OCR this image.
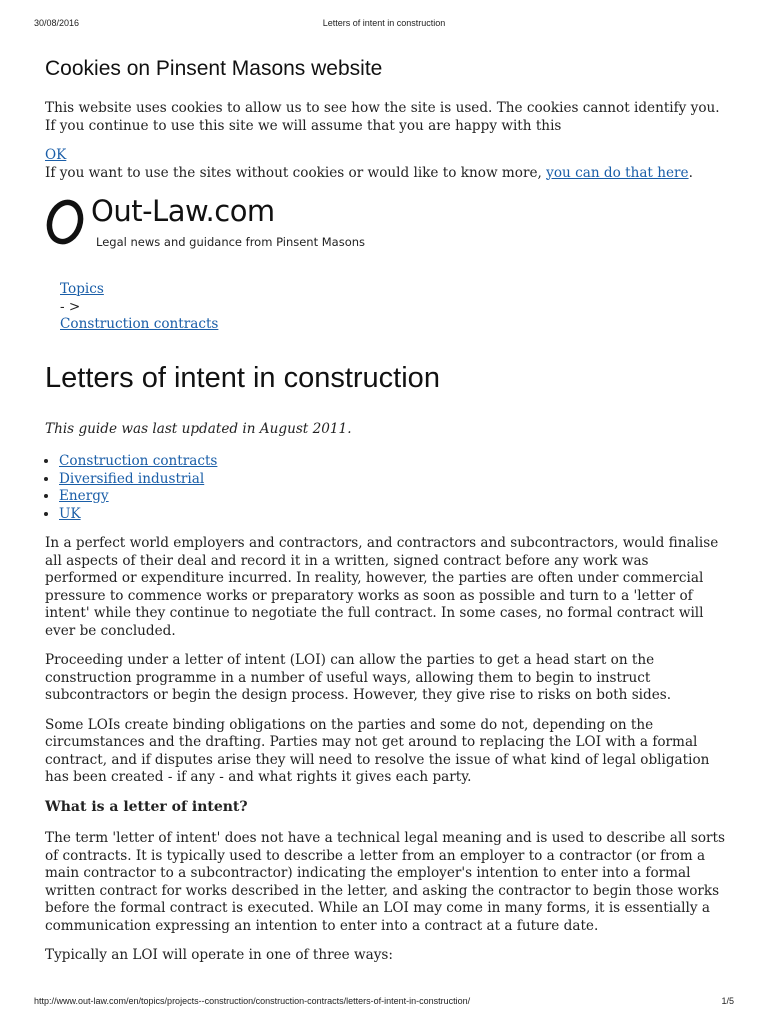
30/08/2016	Letters of intent in construction
Cookies on Pinsent Masons website

This website uses cookies to allow us to see how the site is used. The cookies cannot identify you. If you continue to use this site we will assume that you are happy with this

OK

If you want to use the sites without cookies or would like to know more, you can do that here.

Out-Law.com
Legal news and guidance from Pinsent Masons
Topics
- >
Construction contracts
Letters of intent in construction

This guide was last updated in August 2011.

• Construction contracts
• Diversified industrial
• Energy
• UK

In a perfect world employers and contractors, and contractors and subcontractors, would finalise all aspects of their deal and record it in a written, signed contract before any work was performed or expenditure incurred. In reality, however, the parties are often under commercial pressure to commence works or preparatory works as soon as possible and turn to a 'letter of intent' while they continue to negotiate the full contract. In some cases, no formal contract will ever be concluded.

Proceeding under a letter of intent (LOI) can allow the parties to get a head start on the construction programme in a number of useful ways, allowing them to begin to instruct subcontractors or begin the design process. However, they give rise to risks on both sides.

Some LOIs create binding obligations on the parties and some do not, depending on the circumstances and the drafting. Parties may not get around to replacing the LOI with a formal contract, and if disputes arise they will need to resolve the issue of what kind of legal obligation has been created - if any - and what rights it gives each party.

What is a letter of intent?

The term 'letter of intent' does not have a technical legal meaning and is used to describe all sorts of contracts. It is typically used to describe a letter from an employer to a contractor (or from a main contractor to a subcontractor) indicating the employer's intention to enter into a formal written contract for works described in the letter, and asking the contractor to begin those works before the formal contract is executed. While an LOI may come in many forms, it is essentially a communication expressing an intention to enter into a contract at a future date.

Typically an LOI will operate in one of three ways:

http://www.out-law.com/en/topics/projects--construction/construction-contracts/letters-of-intent-in-construction/	1/5
